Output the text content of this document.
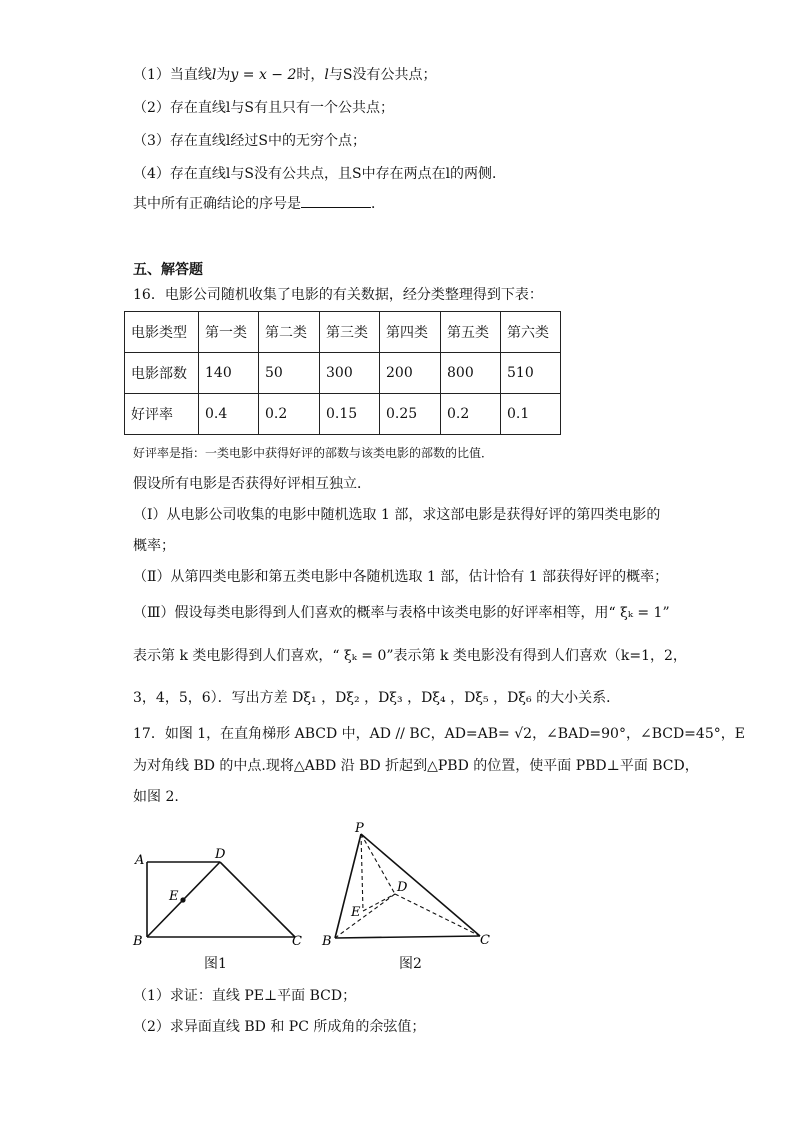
（1）当直线l为y = x − 2时，l与S没有公共点；
（2）存在直线l与S有且只有一个公共点；
（3）存在直线l经过S中的无穷个点；
（4）存在直线l与S没有公共点，且S中存在两点在l的两侧．
其中所有正确结论的序号是	．
五、解答题
16．电影公司随机收集了电影的有关数据，经分类整理得到下表：
电影类型	第一类	第二类	第三类	第四类	第五类	第六类
电影部数	140	50	300	200	800	510
好评率	0.4	0.2	0.15	0.25	0.2	0.1
好评率是指：一类电影中获得好评的部数与该类电影的部数的比值．
假设所有电影是否获得好评相互独立．
（Ⅰ）从电影公司收集的电影中随机选取 1 部，求这部电影是获得好评的第四类电影的
概率；
（Ⅱ）从第四类电影和第五类电影中各随机选取 1 部，估计恰有 1 部获得好评的概率；
（Ⅲ）假设每类电影得到人们喜欢的概率与表格中该类电影的好评率相等，用“ ξₖ = 1”
表示第 k 类电影得到人们喜欢，“ ξₖ = 0”表示第 k 类电影没有得到人们喜欢（k=1，2，
3，4，5，6）．写出方差 Dξ₁ ，Dξ₂ ，Dξ₃ ，Dξ₄ ，Dξ₅ ，Dξ₆ 的大小关系．
17．如图 1，在直角梯形 ABCD 中，AD // BC，AD=AB= √2，∠BAD=90°，∠BCD=45°，E
为对角线 BD 的中点.现将△ABD 沿 BD 折起到△PBD 的位置，使平面 PBD⊥平面 BCD，
如图 2.
A	D
E
B	C
图1
P
D
E
B	C
图2
（1）求证：直线 PE⊥平面 BCD；
（2）求异面直线 BD 和 PC 所成角的余弦值；
